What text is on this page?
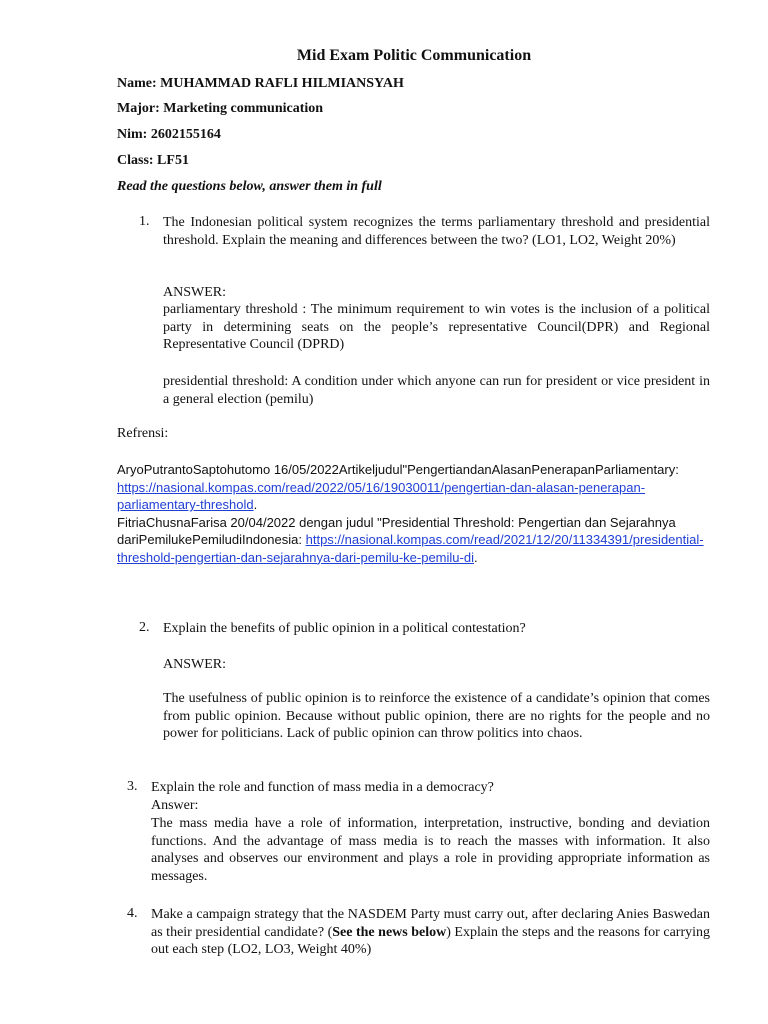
Mid Exam Politic Communication
Name: MUHAMMAD RAFLI HILMIANSYAH
Major: Marketing communication
Nim: 2602155164
Class: LF51
Read the questions below, answer them in full
1. The Indonesian political system recognizes the terms parliamentary threshold and presidential threshold. Explain the meaning and differences between the two? (LO1, LO2, Weight 20%)
ANSWER:
parliamentary threshold : The minimum requirement to win votes is the inclusion of a political party in determining seats on the people’s representative Council(DPR) and Regional Representative Council (DPRD)
presidential threshold: A condition under which anyone can run for president or vice president in a general election (pemilu)
Refrensi:
AryoPutrantoSaptohutomo 16/05/2022Artikeljudul"PengertiandanAlasanPenerapanParliamentary: https://nasional.kompas.com/read/2022/05/16/19030011/pengertian-dan-alasan-penerapan-parliamentary-threshold.
FitriaChusnaFarisa 20/04/2022 dengan judul "Presidential Threshold: Pengertian dan Sejarahnya dariPemilukePemiludiIndonesia: https://nasional.kompas.com/read/2021/12/20/11334391/presidential-threshold-pengertian-dan-sejarahnya-dari-pemilu-ke-pemilu-di.
2. Explain the benefits of public opinion in a political contestation?
ANSWER:
The usefulness of public opinion is to reinforce the existence of a candidate’s opinion that comes from public opinion. Because without public opinion, there are no rights for the people and no power for politicians. Lack of public opinion can throw politics into chaos.
3. Explain the role and function of mass media in a democracy?
Answer:
The mass media have a role of information, interpretation, instructive, bonding and deviation functions. And the advantage of mass media is to reach the masses with information. It also analyses and observes our environment and plays a role in providing appropriate information as messages.
4. Make a campaign strategy that the NASDEM Party must carry out, after declaring Anies Baswedan as their presidential candidate? (See the news below) Explain the steps and the reasons for carrying out each step (LO2, LO3, Weight 40%)
